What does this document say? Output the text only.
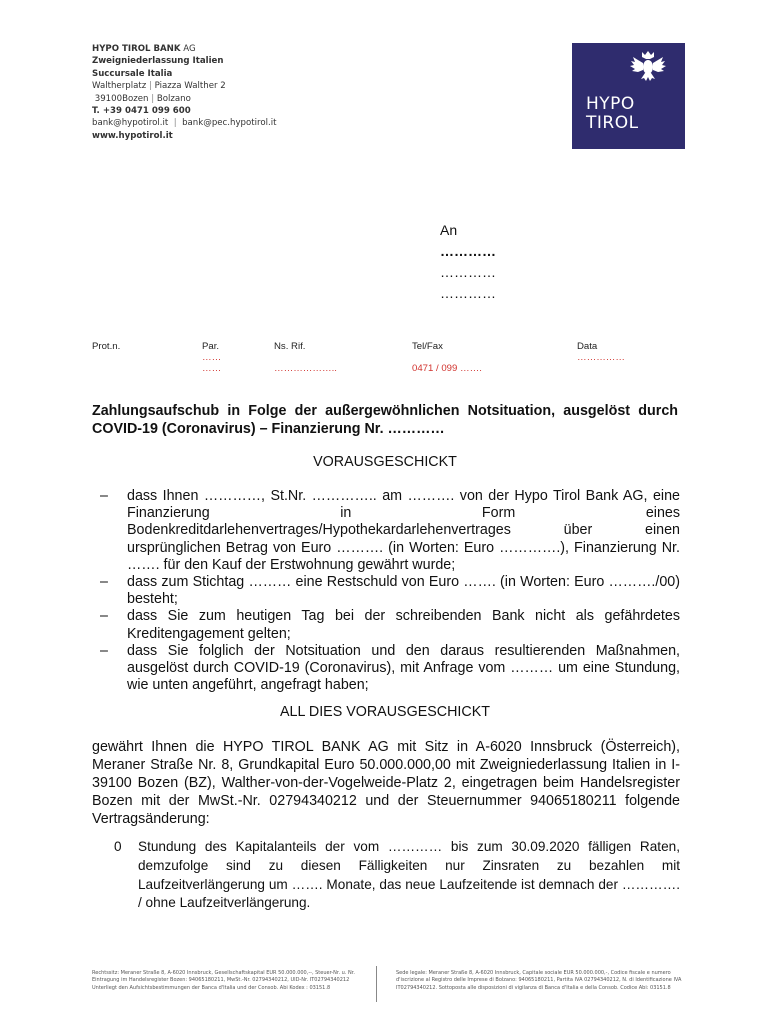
HYPO TIROL BANK AG
Zweigniederlassung Italien
Succursale Italia
Waltherplatz | Piazza Walther 2
39100Bozen | Bolzano
T. +39 0471 099 600
bank@hypotirol.it | bank@pec.hypotirol.it
www.hypotirol.it
HYPO
TIROL
An
…………
…………
…………
Prot.n.	Par.
……
……
Ns. Rif.
………………..
Tel/Fax
0471 / 099 …….
Data
……………
Zahlungsaufschub in Folge der außergewöhnlichen Notsituation, ausgelöst durch COVID-19 (Coronavirus) – Finanzierung Nr. …………
VORAUSGESCHICKT
– dass Ihnen …………, St.Nr. ………….. am ………. von der Hypo Tirol Bank AG, eine Finanzierung in Form eines Bodenkreditdarlehenvertrages/Hypothekardarlehenvertrages über einen ursprünglichen Betrag von Euro ………. (in Worten: Euro ………….), Finanzierung Nr. ……. für den Kauf der Erstwohnung gewährt wurde;
– dass zum Stichtag ……… eine Restschuld von Euro ……. (in Worten: Euro ………./00) besteht;
– dass Sie zum heutigen Tag bei der schreibenden Bank nicht als gefährdetes Kreditengagement gelten;
– dass Sie folglich der Notsituation und den daraus resultierenden Maßnahmen, ausgelöst durch COVID-19 (Coronavirus), mit Anfrage vom ……… um eine Stundung, wie unten angeführt, angefragt haben;
ALL DIES VORAUSGESCHICKT
gewährt Ihnen die HYPO TIROL BANK AG mit Sitz in A-6020 Innsbruck (Österreich), Meraner Straße Nr. 8, Grundkapital Euro 50.000.000,00 mit Zweigniederlassung Italien in I-39100 Bozen (BZ), Walther-von-der-Vogelweide-Platz 2, eingetragen beim Handelsregister Bozen mit der MwSt.-Nr. 02794340212 und der Steuernummer 94065180211 folgende Vertragsänderung:
0 Stundung des Kapitalanteils der vom ………… bis zum 30.09.2020 fälligen Raten, demzufolge sind zu diesen Fälligkeiten nur Zinsraten zu bezahlen mit Laufzeitverlängerung um ……. Monate, das neue Laufzeitende ist demnach der …………. / ohne Laufzeitverlängerung.
Rechtssitz: Meraner Straße 8, A-6020 Innsbruck, Gesellschaftskapital EUR 50.000.000,--, Steuer-Nr. u. Nr. Eintragung im Handelsregister Bozen: 94065180211, MwSt.-Nr. 02794340212, UID-Nr. IT02794340212 Unterliegt den Aufsichtsbestimmungen der Banca d'Italia und der Consob. Abi Kodex : 03151.8
Sede legale: Meraner Straße 8, A-6020 Innsbruck, Capitale sociale EUR 50.000.000,-, Codice fiscale e numero d'iscrizione al Registro delle Imprese di Bolzano: 94065180211, Partita IVA 02794340212, N. di Identificazione IVA IT02794340212. Sottoposta alle disposizioni di vigilanza di Banca d'Italia e della Consob. Codice Abi: 03151.8
